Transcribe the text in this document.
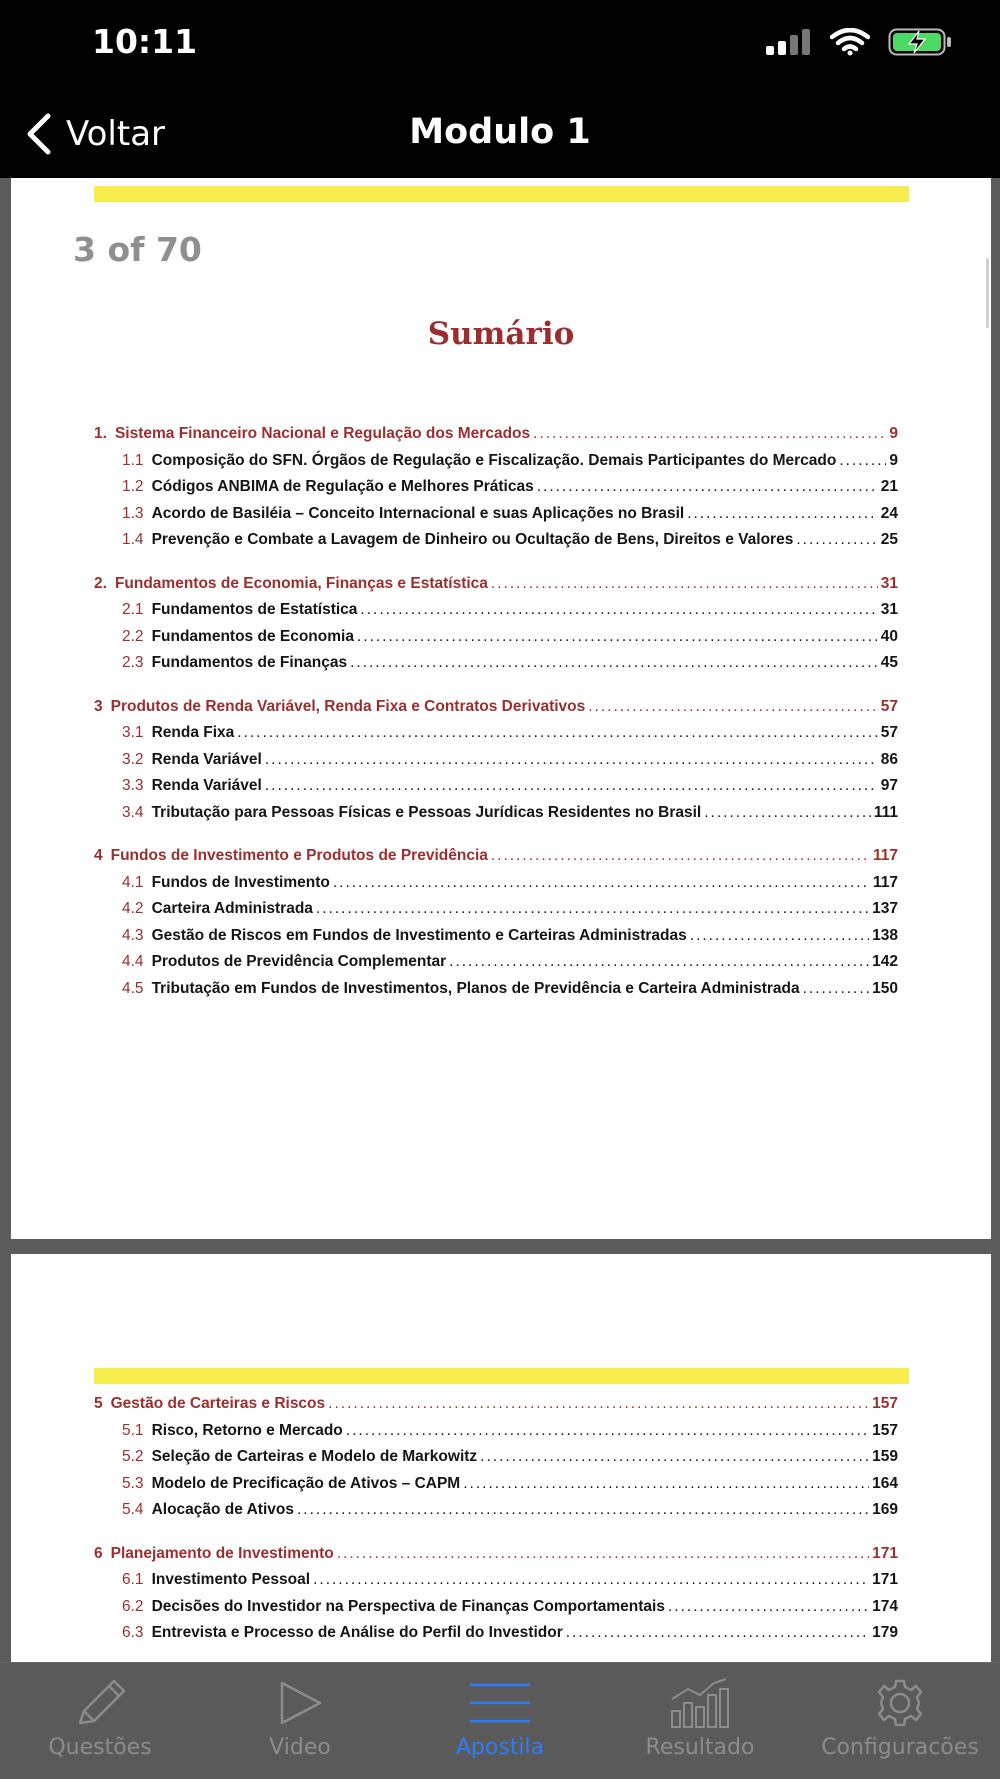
10:11
Voltar	Modulo 1
3 of 70
Sumário
1. Sistema Financeiro Nacional e Regulação dos Mercados .....	9
1.1 Composição do SFN. Órgãos de Regulação e Fiscalização. Demais Participantes do Mercado .....	9
1.2 Códigos ANBIMA de Regulação e Melhores Práticas .....	21
1.3 Acordo de Basiléia – Conceito Internacional e suas Aplicações no Brasil .....	24
1.4 Prevenção e Combate a Lavagem de Dinheiro ou Ocultação de Bens, Direitos e Valores .....	25
2. Fundamentos de Economia, Finanças e Estatística .....	31
2.1 Fundamentos de Estatística .....	31
2.2 Fundamentos de Economia .....	40
2.3 Fundamentos de Finanças .....	45
3 Produtos de Renda Variável, Renda Fixa e Contratos Derivativos .....	57
3.1 Renda Fixa .....	57
3.2 Renda Variável .....	86
3.3 Renda Variável .....	97
3.4 Tributação para Pessoas Físicas e Pessoas Jurídicas Residentes no Brasil .....	111
4 Fundos de Investimento e Produtos de Previdência .....	117
4.1 Fundos de Investimento .....	117
4.2 Carteira Administrada .....	137
4.3 Gestão de Riscos em Fundos de Investimento e Carteiras Administradas .....	138
4.4 Produtos de Previdência Complementar .....	142
4.5 Tributação em Fundos de Investimentos, Planos de Previdência e Carteira Administrada .....	150
5 Gestão de Carteiras e Riscos .....	157
5.1 Risco, Retorno e Mercado .....	157
5.2 Seleção de Carteiras e Modelo de Markowitz .....	159
5.3 Modelo de Precificação de Ativos – CAPM .....	164
5.4 Alocação de Ativos .....	169
6 Planejamento de Investimento .....	171
6.1 Investimento Pessoal .....	171
6.2 Decisões do Investidor na Perspectiva de Finanças Comportamentais .....	174
6.3 Entrevista e Processo de Análise do Perfil do Investidor .....	179
Questões	Video	Apostila	Resultado	Configuracões
